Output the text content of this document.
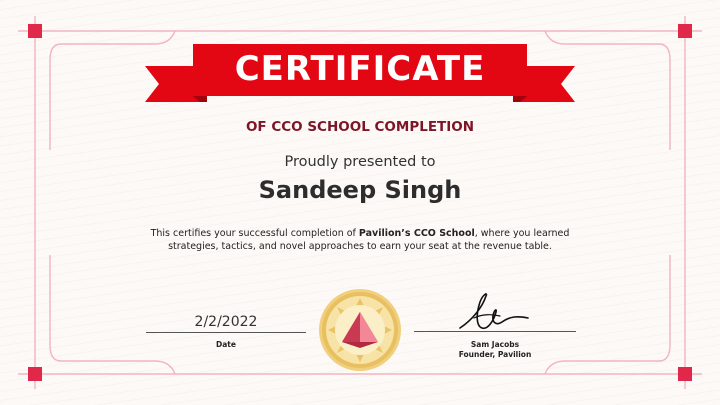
CERTIFICATE
OF CCO SCHOOL COMPLETION
Proudly presented to
Sandeep Singh
This certifies your successful completion of Pavilion’s CCO School, where you learned strategies, tactics, and novel approaches to earn your seat at the revenue table.
2/2/2022
Date	Sam Jacobs
Founder, Pavilion
